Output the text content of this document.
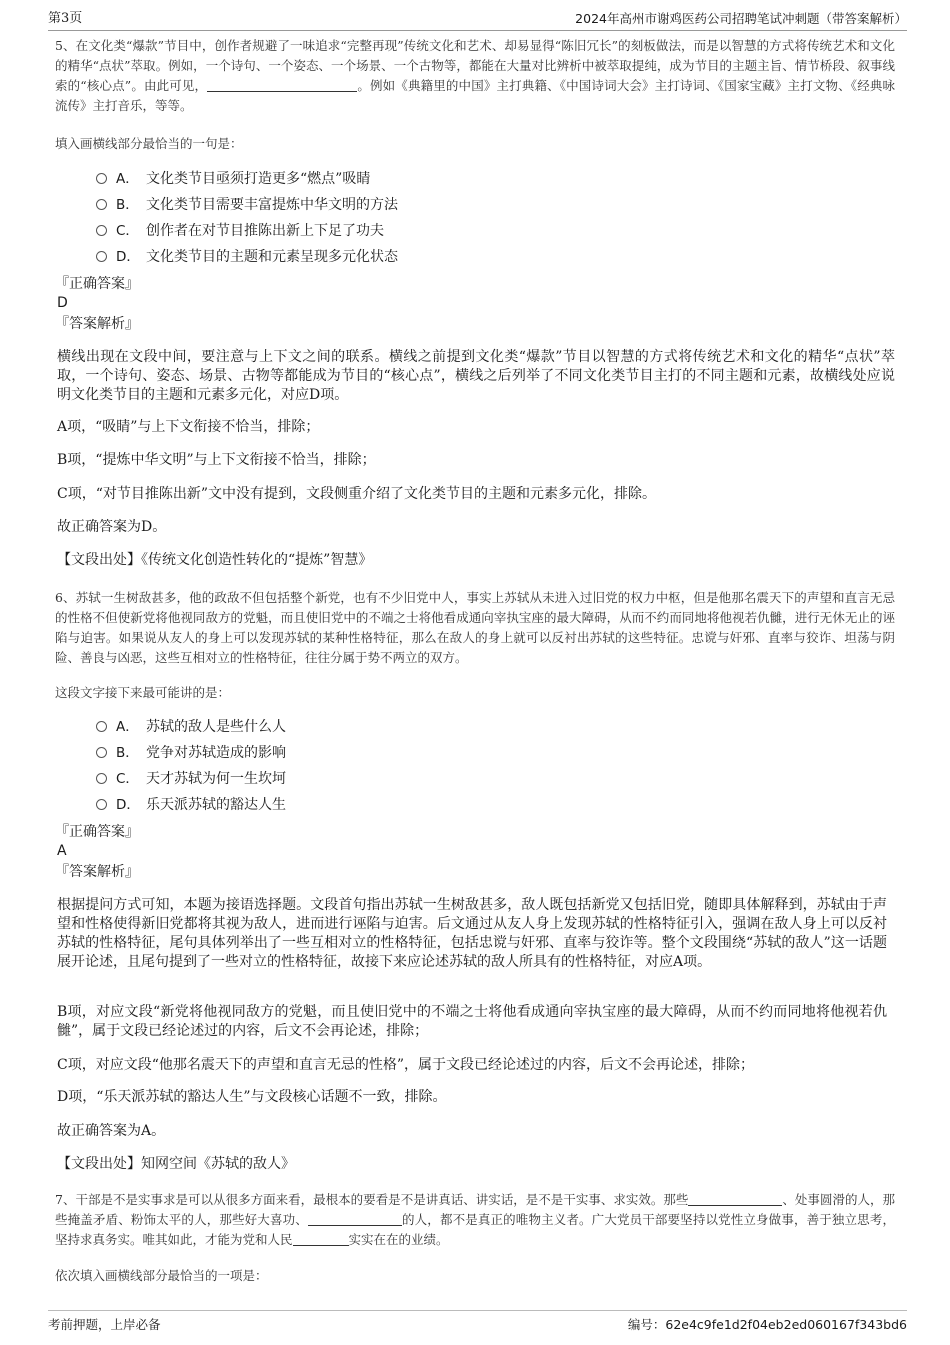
第3页	2024年高州市谢鸡医药公司招聘笔试冲刺题（带答案解析）
5、在文化类“爆款”节目中，创作者规避了一味追求“完整再现”传统文化和艺术、却易显得“陈旧冗长”的刻板做法，而是以智慧的方式将传统艺术和文化的精华“点状”萃取。例如，一个诗句、一个姿态、一个场景、一个古物等，都能在大量对比辨析中被萃取提纯，成为节目的主题主旨、情节桥段、叙事线索的“核心点”。由此可见，	。例如《典籍里的中国》主打典籍、《中国诗词大会》主打诗词、《国家宝藏》主打文物、《经典咏流传》主打音乐，等等。
填入画横线部分最恰当的一句是：
A． 文化类节目亟须打造更多“燃点”吸睛
B． 文化类节目需要丰富提炼中华文明的方法
C． 创作者在对节目推陈出新上下足了功夫
D． 文化类节目的主题和元素呈现多元化状态
『正确答案』
D
『答案解析』
横线出现在文段中间，要注意与上下文之间的联系。横线之前提到文化类“爆款”节目以智慧的方式将传统艺术和文化的精华“点状”萃取，一个诗句、姿态、场景、古物等都能成为节目的“核心点”，横线之后列举了不同文化类节目主打的不同主题和元素，故横线处应说明文化类节目的主题和元素多元化，对应D项。
A项，“吸睛”与上下文衔接不恰当，排除；
B项，“提炼中华文明”与上下文衔接不恰当，排除；
C项，“对节目推陈出新”文中没有提到，文段侧重介绍了文化类节目的主题和元素多元化，排除。
故正确答案为D。
【文段出处】《传统文化创造性转化的“提炼”智慧》
6、苏轼一生树敌甚多，他的政敌不但包括整个新党，也有不少旧党中人，事实上苏轼从未进入过旧党的权力中枢，但是他那名震天下的声望和直言无忌的性格不但使新党将他视同敌方的党魁，而且使旧党中的不端之士将他看成通向宰执宝座的最大障碍，从而不约而同地将他视若仇雠，进行无休无止的诬陷与迫害。如果说从友人的身上可以发现苏轼的某种性格特征，那么在敌人的身上就可以反衬出苏轼的这些特征。忠谠与奸邪、直率与狡诈、坦荡与阴险、善良与凶恶，这些互相对立的性格特征，往往分属于势不两立的双方。
这段文字接下来最可能讲的是：
A． 苏轼的敌人是些什么人
B． 党争对苏轼造成的影响
C． 天才苏轼为何一生坎坷
D． 乐天派苏轼的豁达人生
『正确答案』
A
『答案解析』
根据提问方式可知，本题为接语选择题。文段首句指出苏轼一生树敌甚多，敌人既包括新党又包括旧党，随即具体解释到，苏轼由于声望和性格使得新旧党都将其视为敌人，进而进行诬陷与迫害。后文通过从友人身上发现苏轼的性格特征引入，强调在敌人身上可以反衬苏轼的性格特征，尾句具体列举出了一些互相对立的性格特征，包括忠谠与奸邪、直率与狡诈等。整个文段围绕“苏轼的敌人”这一话题展开论述，且尾句提到了一些对立的性格特征，故接下来应论述苏轼的敌人所具有的性格特征，对应A项。
B项，对应文段“新党将他视同敌方的党魁，而且使旧党中的不端之士将他看成通向宰执宝座的最大障碍，从而不约而同地将他视若仇雠”，属于文段已经论述过的内容，后文不会再论述，排除；
C项，对应文段“他那名震天下的声望和直言无忌的性格”，属于文段已经论述过的内容，后文不会再论述，排除；
D项，“乐天派苏轼的豁达人生”与文段核心话题不一致，排除。
故正确答案为A。
【文段出处】知网空间《苏轼的敌人》
7、干部是不是实事求是可以从很多方面来看，最根本的要看是不是讲真话、讲实话，是不是干实事、求实效。那些	、处事圆滑的人，那些掩盖矛盾、粉饰太平的人，那些好大喜功、	的人，都不是真正的唯物主义者。广大党员干部要坚持以党性立身做事，善于独立思考，坚持求真务实。唯其如此，才能为党和人民	实实在在的业绩。
依次填入画横线部分最恰当的一项是：
考前押题，上岸必备	编号：62e4c9fe1d2f04eb2ed060167f343bd6
